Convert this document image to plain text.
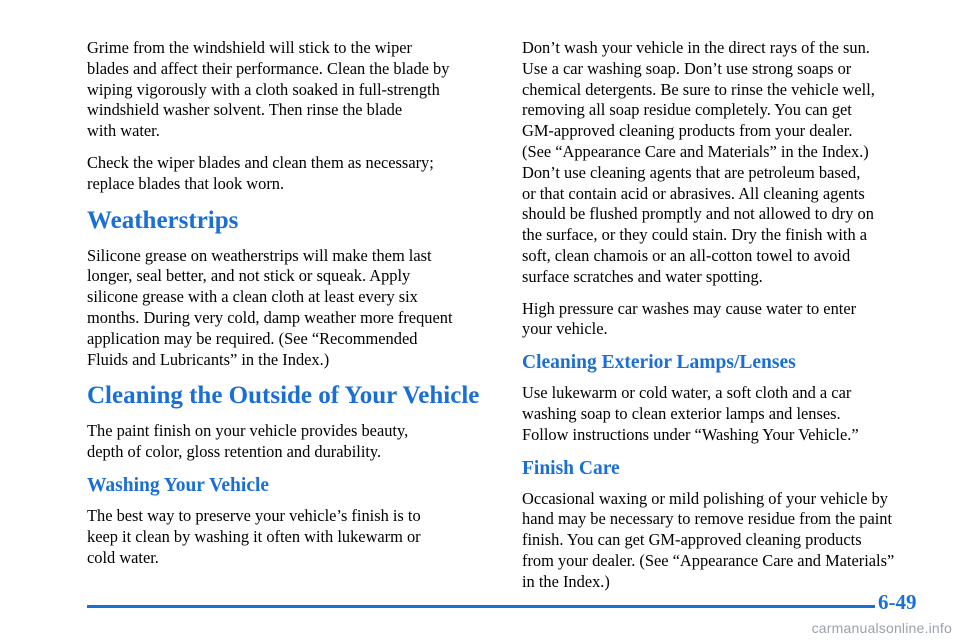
Grime from the windshield will stick to the wiper
blades and affect their performance. Clean the blade by
wiping vigorously with a cloth soaked in full‐strength
windshield washer solvent. Then rinse the blade
with water.

Check the wiper blades and clean them as necessary;
replace blades that look worn.

Weatherstrips

Silicone grease on weatherstrips will make them last
longer, seal better, and not stick or squeak. Apply
silicone grease with a clean cloth at least every six
months. During very cold, damp weather more frequent
application may be required. (See “Recommended
Fluids and Lubricants” in the Index.)

Cleaning the Outside of Your Vehicle

The paint finish on your vehicle provides beauty,
depth of color, gloss retention and durability.

Washing Your Vehicle

The best way to preserve your vehicle’s finish is to
keep it clean by washing it often with lukewarm or
cold water.

Don’t wash your vehicle in the direct rays of the sun.
Use a car washing soap. Don’t use strong soaps or
chemical detergents. Be sure to rinse the vehicle well,
removing all soap residue completely. You can get
GM‐approved cleaning products from your dealer.
(See “Appearance Care and Materials” in the Index.)
Don’t use cleaning agents that are petroleum based,
or that contain acid or abrasives. All cleaning agents
should be flushed promptly and not allowed to dry on
the surface, or they could stain. Dry the finish with a
soft, clean chamois or an all‐cotton towel to avoid
surface scratches and water spotting.

High pressure car washes may cause water to enter
your vehicle.

Cleaning Exterior Lamps/Lenses

Use lukewarm or cold water, a soft cloth and a car
washing soap to clean exterior lamps and lenses.
Follow instructions under “Washing Your Vehicle.”

Finish Care

Occasional waxing or mild polishing of your vehicle by
hand may be necessary to remove residue from the paint
finish. You can get GM‐approved cleaning products
from your dealer. (See “Appearance Care and Materials”
in the Index.)

6-49
carmanualsonline.info
